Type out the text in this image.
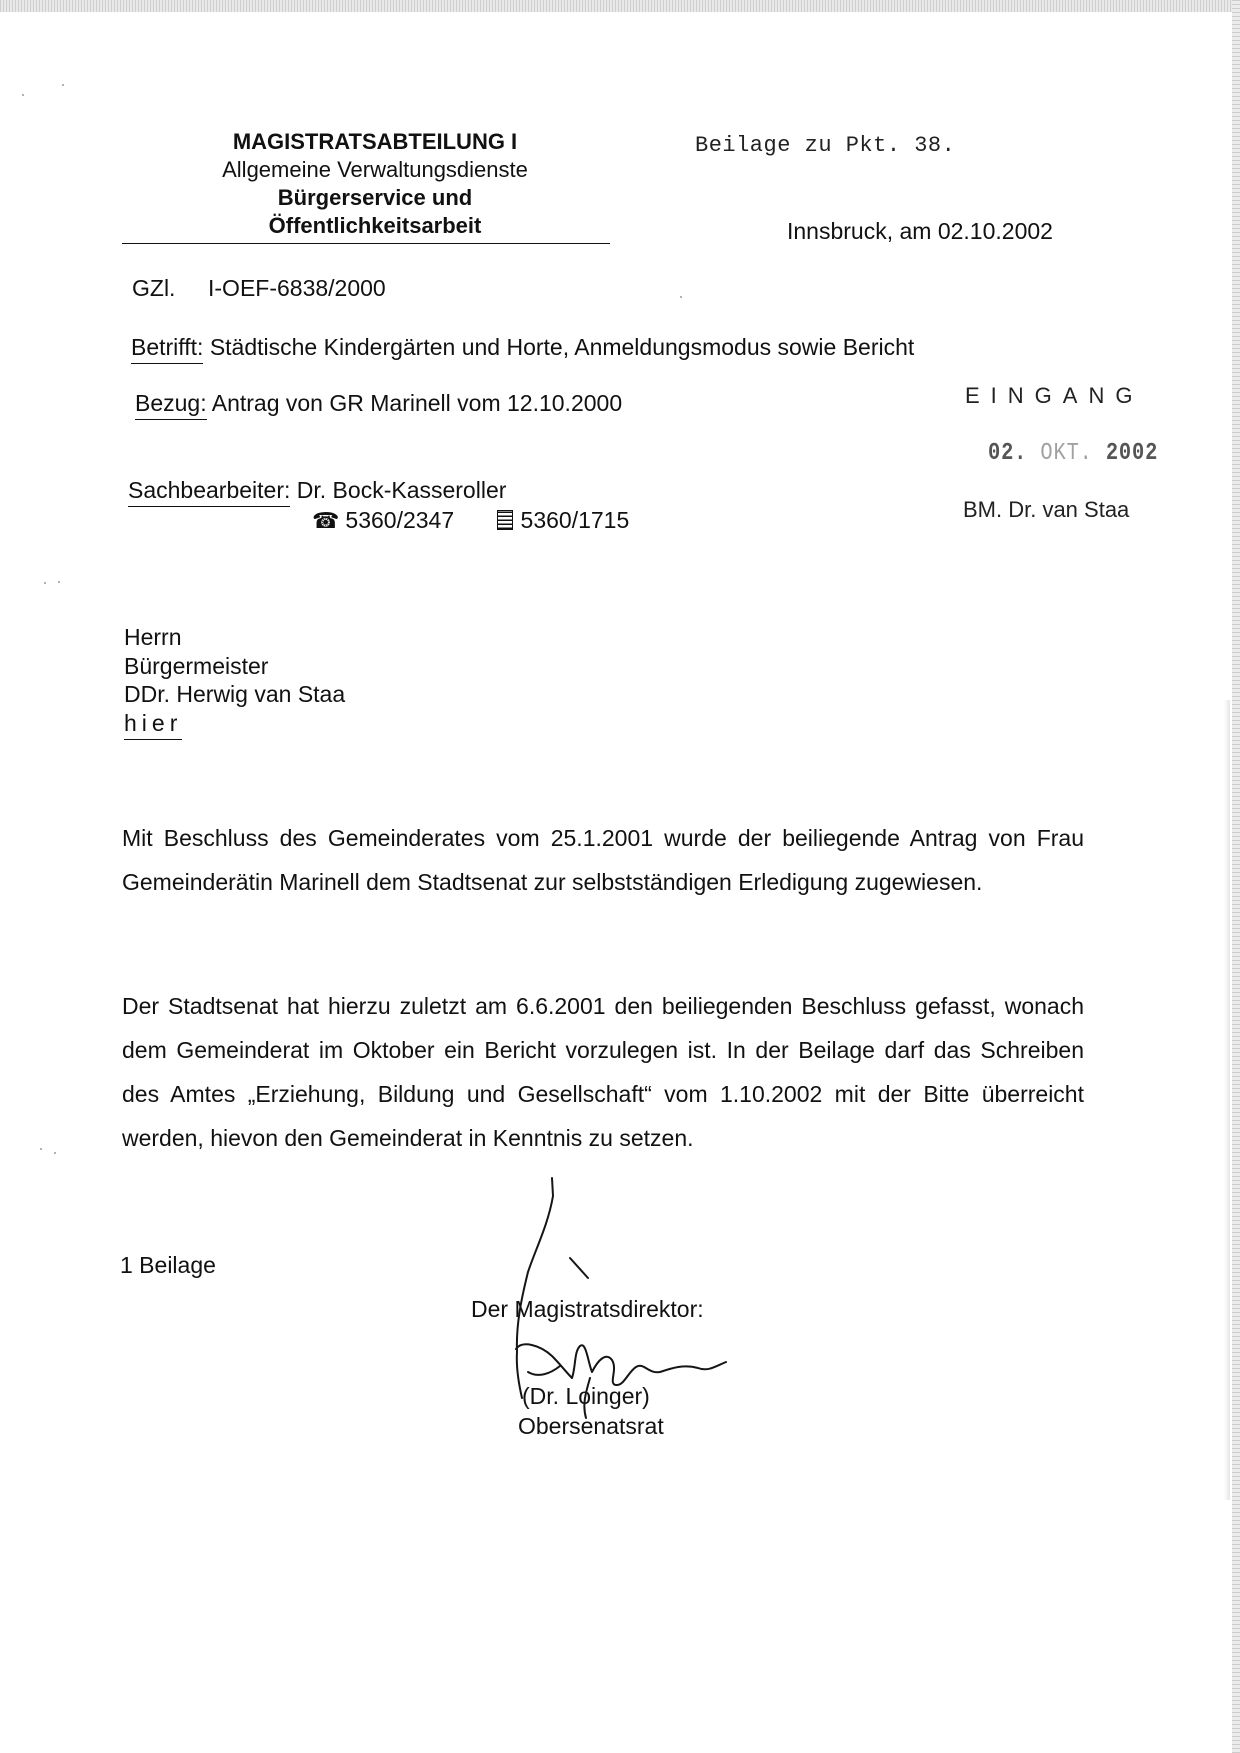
MAGISTRATSABTEILUNG I
Allgemeine Verwaltungsdienste
Bürgerservice und
Öffentlichkeitsarbeit
Beilage zu Pkt. 38.
Innsbruck, am 02.10.2002
GZl. I-OEF-6838/2000
Betrifft: Städtische Kindergärten und Horte, Anmeldungsmodus sowie Bericht
Bezug: Antrag von GR Marinell vom 12.10.2000	EINGANG
02. OKT. 2002
BM. Dr. van Staa
Sachbearbeiter: Dr. Bock-Kasseroller
☎ 5360/2347	5360/1715
Herrn
Bürgermeister
DDr. Herwig van Staa
hier
Mit Beschluss des Gemeinderates vom 25.1.2001 wurde der beiliegende Antrag von Frau Gemeinderätin Marinell dem Stadtsenat zur selbstständigen Erledigung zugewiesen.
Der Stadtsenat hat hierzu zuletzt am 6.6.2001 den beiliegenden Beschluss gefasst, wonach dem Gemeinderat im Oktober ein Bericht vorzulegen ist. In der Beilage darf das Schreiben des Amtes „Erziehung, Bildung und Gesellschaft“ vom 1.10.2002 mit der Bitte überreicht werden, hievon den Gemeinderat in Kenntnis zu setzen.
1 Beilage
Der Magistratsdirektor:
(Dr. Loinger)
Obersenatsrat
